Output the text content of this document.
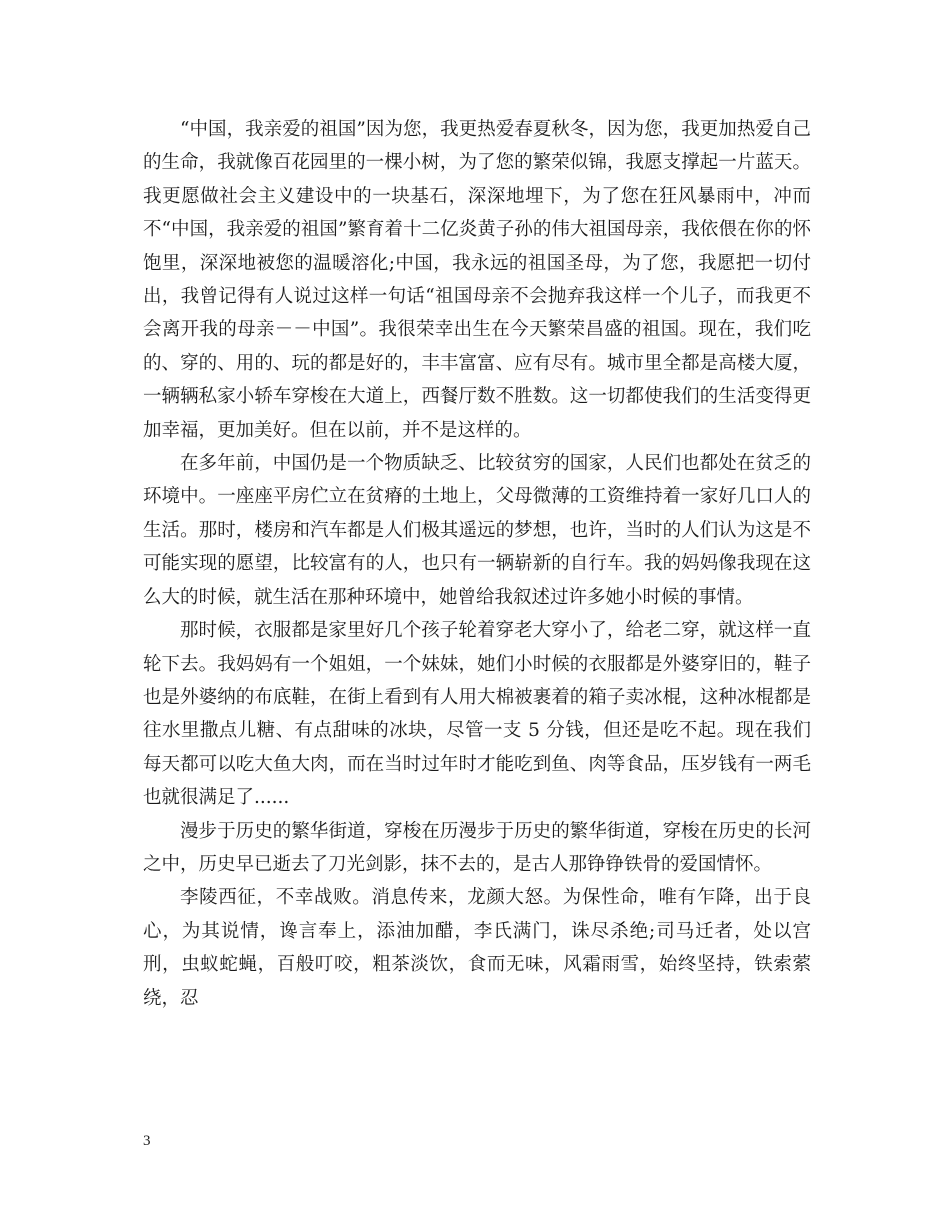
“中国，我亲爱的祖国”因为您，我更热爱春夏秋冬，因为您，我更加热爱自己的生命，我就像百花园里的一棵小树，为了您的繁荣似锦，我愿支撑起一片蓝天。我更愿做社会主义建设中的一块基石，深深地埋下，为了您在狂风暴雨中，冲而不“中国，我亲爱的祖国”繁育着十二亿炎黄子孙的伟大祖国母亲，我依偎在你的怀饱里，深深地被您的温暖溶化;中国，我永远的祖国圣母，为了您，我愿把一切付出，我曾记得有人说过这样一句话“祖国母亲不会抛弃我这样一个儿子，而我更不会离开我的母亲－－中国”。我很荣幸出生在今天繁荣昌盛的祖国。现在，我们吃的、穿的、用的、玩的都是好的，丰丰富富、应有尽有。城市里全都是高楼大厦，一辆辆私家小轿车穿梭在大道上，西餐厅数不胜数。这一切都使我们的生活变得更加幸福，更加美好。但在以前，并不是这样的。

在多年前，中国仍是一个物质缺乏、比较贫穷的国家，人民们也都处在贫乏的环境中。一座座平房伫立在贫瘠的土地上，父母微薄的工资维持着一家好几口人的生活。那时，楼房和汽车都是人们极其遥远的梦想，也许，当时的人们认为这是不可能实现的愿望，比较富有的人，也只有一辆崭新的自行车。我的妈妈像我现在这么大的时候，就生活在那种环境中，她曾给我叙述过许多她小时候的事情。

那时候，衣服都是家里好几个孩子轮着穿老大穿小了，给老二穿，就这样一直轮下去。我妈妈有一个姐姐，一个妹妹，她们小时候的衣服都是外婆穿旧的，鞋子也是外婆纳的布底鞋，在街上看到有人用大棉被裹着的箱子卖冰棍，这种冰棍都是往水里撒点儿糖、有点甜味的冰块，尽管一支 5 分钱，但还是吃不起。现在我们每天都可以吃大鱼大肉，而在当时过年时才能吃到鱼、肉等食品，压岁钱有一两毛也就很满足了......

漫步于历史的繁华街道，穿梭在历漫步于历史的繁华街道，穿梭在历史的长河之中，历史早已逝去了刀光剑影，抹不去的，是古人那铮铮铁骨的爱国情怀。

李陵西征，不幸战败。消息传来，龙颜大怒。为保性命，唯有乍降，出于良心，为其说情，谗言奉上，添油加醋，李氏满门，诛尽杀绝;司马迁者，处以宫刑，虫蚁蛇蝇，百般叮咬，粗茶淡饮，食而无味，风霜雨雪，始终坚持，铁索萦绕，忍

3
